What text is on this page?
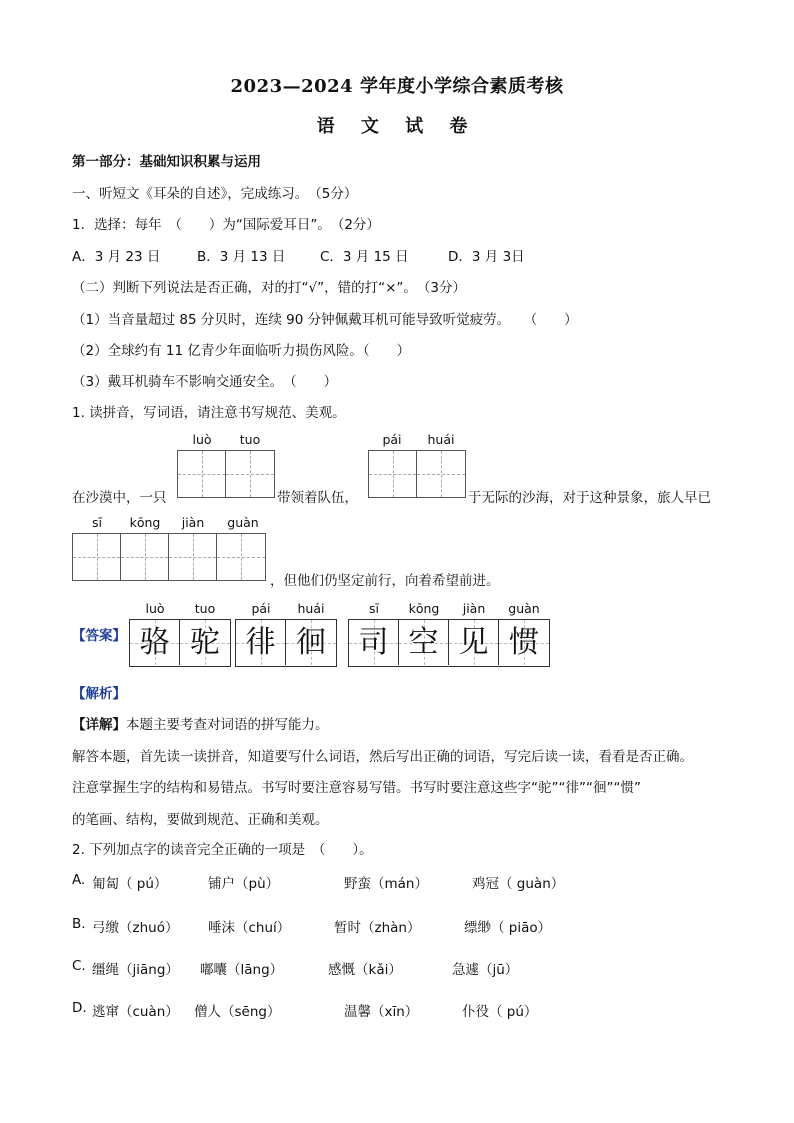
2023—2024 学年度小学综合素质考核
语 文 试 卷
第一部分：基础知识积累与运用
一、听短文《耳朵的自述》，完成练习。　（5分）
1．选择：每年　（　　）为“国际爱耳日”。　（2分）
A．3 月 23 日	B．3 月 13 日	C．3 月 15 日	D．3 月 3日
（二）判断下列说法是否正确，对的打“√”，错的打“×”。　（3分）
（1）当音量超过 85 分贝时，连续 90 分钟佩戴耳机可能导致听觉疲劳。　　（　　）
（2）全球约有 11 亿青少年面临听力损伤风险。（　　）
（3）戴耳机骑车不影响交通安全。　（　　）
1. 读拼音，写词语，请注意书写规范、美观。
luò	tuo	pái	huái
在沙漠中，一只	带领着队伍，	于无际的沙海，对于这种景象，旅人早已
sī	kōng	jiàn	guàn
，但他们仍坚定前行，向着希望前进。
luò	tuo	pái	huái	sī	kōng	jiàn	guàn
【答案】 骆 驼 徘 徊	司 空 见 惯
【解析】
【详解】本题主要考查对词语的拼写能力。
解答本题，首先读一读拼音，知道要写什么词语，然后写出正确的词语，写完后读一读，看看是否正确。
注意掌握生字的结构和易错点。书写时要注意容易写错。书写时要注意这些字“驼”“徘”“徊”“惯”
的笔画、结构，要做到规范、正确和美观。
2. 下列加点字的读音完全正确的一项是　（　　）。
A. 匍匐（ pú）	铺户（pù）	野蛮（mán）	鸡冠（ guàn）
B. 弓缴（zhuó） 唾沫（chuí）	暂时（zhàn）	缥缈（ piāo）
C. 缰绳（jiāng） 嘟囔（lāng）	感慨（kǎi）	急遽（jū）
D. 逃窜（cuàn） 僧人（sēng）	温馨（xīn）	仆役（ pú）
